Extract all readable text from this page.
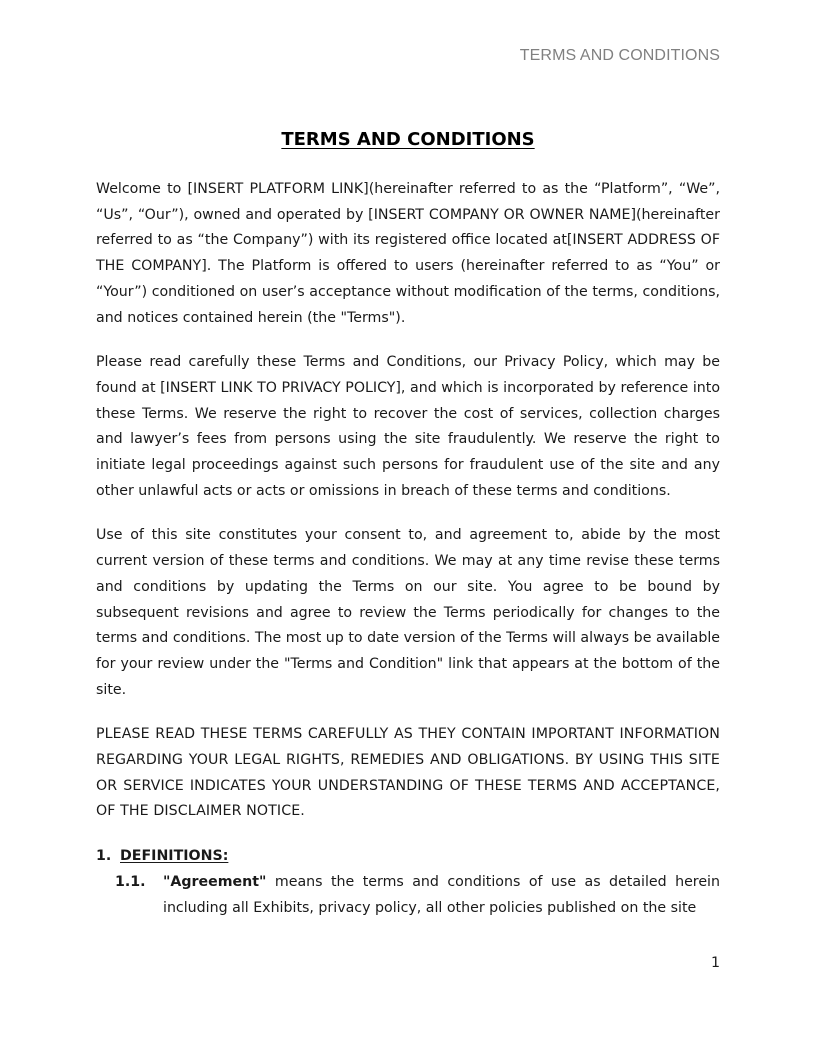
TERMS AND CONDITIONS
TERMS AND CONDITIONS

Welcome to [INSERT PLATFORM LINK](hereinafter referred to as the “Platform”, “We”, “Us”, “Our”), owned and operated by [INSERT COMPANY OR OWNER NAME](hereinafter referred to as “the Company”) with its registered office located at[INSERT ADDRESS OF THE COMPANY]. The Platform is offered to users (hereinafter referred to as “You” or “Your”) conditioned on user’s acceptance without modification of the terms, conditions, and notices contained herein (the "Terms").

Please read carefully these Terms and Conditions, our Privacy Policy, which may be found at [INSERT LINK TO PRIVACY POLICY], and which is incorporated by reference into these Terms. We reserve the right to recover the cost of services, collection charges and lawyer’s fees from persons using the site fraudulently. We reserve the right to initiate legal proceedings against such persons for fraudulent use of the site and any other unlawful acts or acts or omissions in breach of these terms and conditions.

Use of this site constitutes your consent to, and agreement to, abide by the most current version of these terms and conditions. We may at any time revise these terms and conditions by updating the Terms on our site. You agree to be bound by subsequent revisions and agree to review the Terms periodically for changes to the terms and conditions. The most up to date version of the Terms will always be available for your review under the "Terms and Condition" link that appears at the bottom of the site.

PLEASE READ THESE TERMS CAREFULLY AS THEY CONTAIN IMPORTANT INFORMATION REGARDING YOUR LEGAL RIGHTS, REMEDIES AND OBLIGATIONS. BY USING THIS SITE OR SERVICE INDICATES YOUR UNDERSTANDING OF THESE TERMS AND ACCEPTANCE, OF THE DISCLAIMER NOTICE.

1. DEFINITIONS:
1.1.	"Agreement" means the terms and conditions of use as detailed herein including all Exhibits, privacy policy, all other policies published on the site
1
